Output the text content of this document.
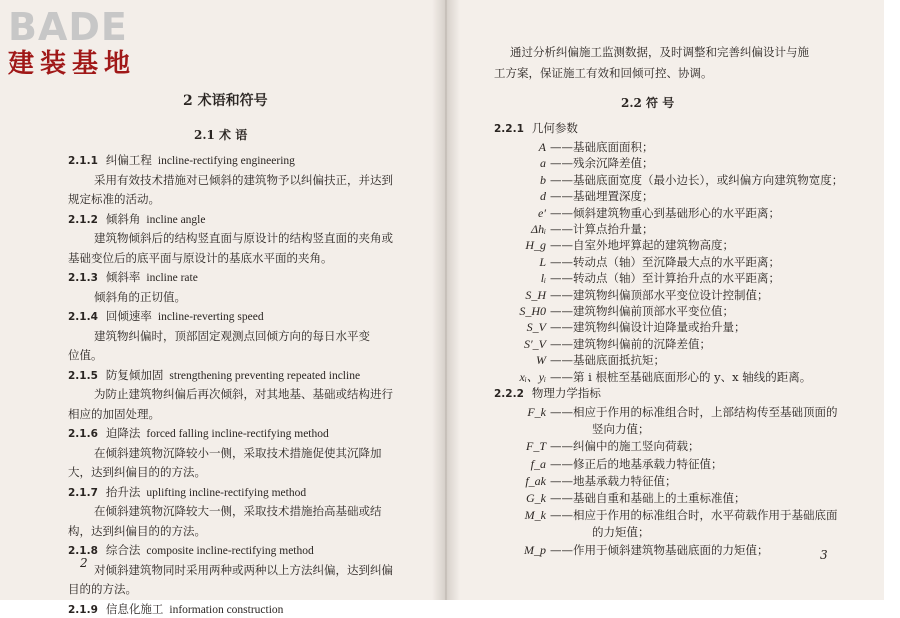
BADE
建装基地
2 术语和符号
2.1 术 语
2.1.1 纠偏工程 incline-rectifying engineering
采用有效技术措施对已倾斜的建筑物予以纠偏扶正，并达到
规定标准的活动。
2.1.2 倾斜角 incline angle
建筑物倾斜后的结构竖直面与原设计的结构竖直面的夹角或
基础变位后的底平面与原设计的基底水平面的夹角。
2.1.3 倾斜率 incline rate
倾斜角的正切值。
2.1.4 回倾速率 incline-reverting speed
建筑物纠偏时，顶部固定观测点回倾方向的每日水平变
位值。
2.1.5 防复倾加固 strengthening preventing repeated incline
为防止建筑物纠偏后再次倾斜，对其地基、基础或结构进行
相应的加固处理。
2.1.6 迫降法 forced falling incline-rectifying method
在倾斜建筑物沉降较小一侧，采取技术措施促使其沉降加
大，达到纠偏目的的方法。
2.1.7 抬升法 uplifting incline-rectifying method
在倾斜建筑物沉降较大一侧，采取技术措施抬高基础或结
构，达到纠偏目的的方法。
2.1.8 综合法 composite incline-rectifying method
对倾斜建筑物同时采用两种或两种以上方法纠偏，达到纠偏
目的的方法。
2.1.9 信息化施工 information construction
2
通过分析纠偏施工监测数据，及时调整和完善纠偏设计与施
工方案，保证施工有效和回倾可控、协调。
2.2 符 号
2.2.1 几何参数
A ——基础底面面积；
a ——残余沉降差值；
b ——基础底面宽度（最小边长），或纠偏方向建筑物宽度；
d ——基础埋置深度；
e′ ——倾斜建筑物重心到基础形心的水平距离；
Δhᵢ ——计算点抬升量；
H_g ——自室外地坪算起的建筑物高度；
L ——转动点（轴）至沉降最大点的水平距离；
lᵢ ——转动点（轴）至计算抬升点的水平距离；
S_H ——建筑物纠偏顶部水平变位设计控制值；
S_H0 ——建筑物纠偏前顶部水平变位值；
S_V ——建筑物纠偏设计迫降量或抬升量；
S′_V ——建筑物纠偏前的沉降差值；
W ——基础底面抵抗矩；
xᵢ、yᵢ ——第 i 根桩至基础底面形心的 y、x 轴线的距离。
2.2.2 物理力学指标
F_k ——相应于作用的标准组合时，上部结构传至基础顶面的
竖向力值；
F_T ——纠偏中的施工竖向荷载；
f_a ——修正后的地基承载力特征值；
f_ak ——地基承载力特征值；
G_k ——基础自重和基础上的土重标准值；
M_k ——相应于作用的标准组合时，水平荷载作用于基础底面
的力矩值；
M_p ——作用于倾斜建筑物基础底面的力矩值；	3
